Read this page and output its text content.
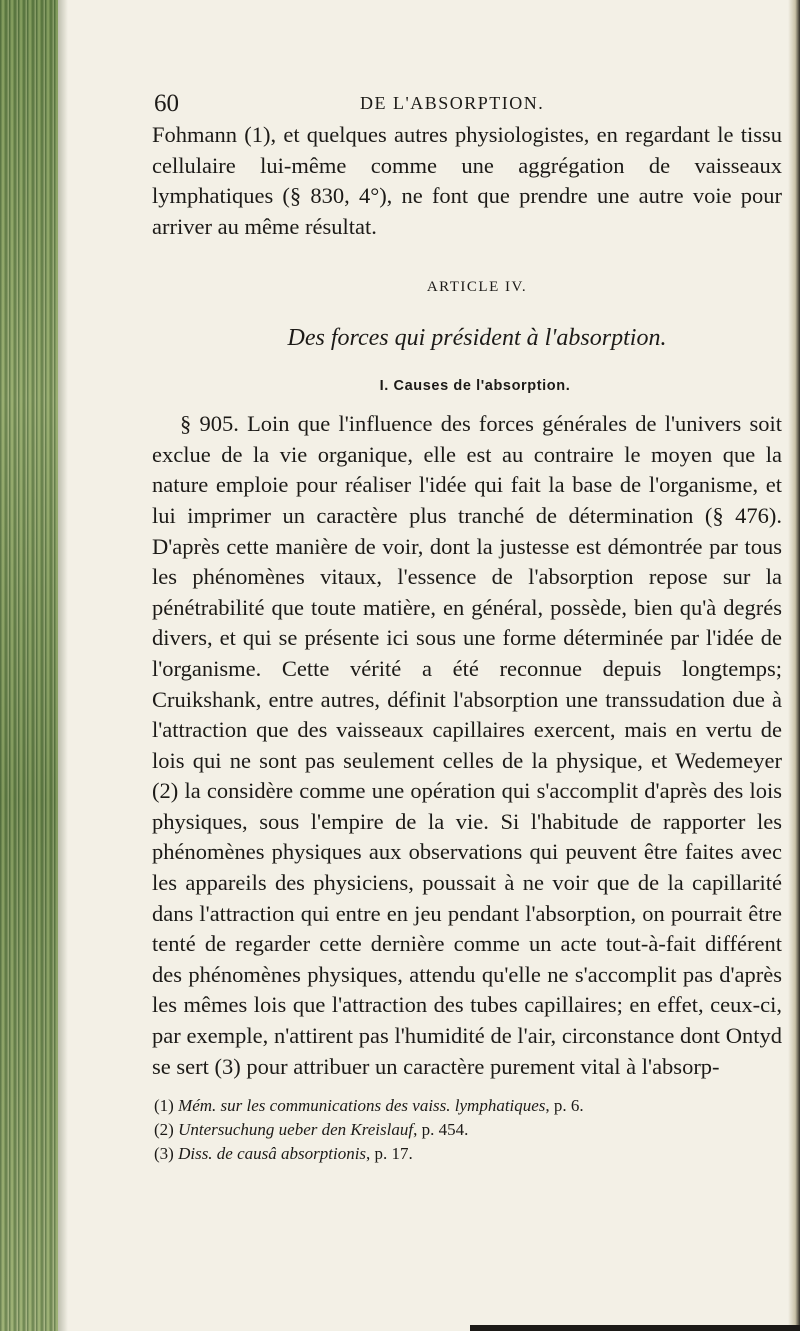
60	DE L'ABSORPTION.

Fohmann (1), et quelques autres physiologistes, en regardant le tissu cellulaire lui-même comme une aggrégation de vaisseaux lymphatiques (§ 830, 4°), ne font que prendre une autre voie pour arriver au même résultat.

ARTICLE IV.
Des forces qui président à l'absorption.
I. Causes de l'absorption.

§ 905. Loin que l'influence des forces générales de l'univers soit exclue de la vie organique, elle est au contraire le moyen que la nature emploie pour réaliser l'idée qui fait la base de l'organisme, et lui imprimer un caractère plus tranché de détermination (§ 476). D'après cette manière de voir, dont la justesse est démontrée par tous les phénomènes vitaux, l'essence de l'absorption repose sur la pénétrabilité que toute matière, en général, possède, bien qu'à degrés divers, et qui se présente ici sous une forme déterminée par l'idée de l'organisme. Cette vérité a été reconnue depuis longtemps; Cruikshank, entre autres, définit l'absorption une transsudation due à l'attraction que des vaisseaux capillaires exercent, mais en vertu de lois qui ne sont pas seulement celles de la physique, et Wedemeyer (2) la considère comme une opération qui s'accomplit d'après des lois physiques, sous l'empire de la vie. Si l'habitude de rapporter les phénomènes physiques aux observations qui peuvent être faites avec les appareils des physiciens, poussait à ne voir que de la capillarité dans l'attraction qui entre en jeu pendant l'absorption, on pourrait être tenté de regarder cette dernière comme un acte tout-à-fait différent des phénomènes physiques, attendu qu'elle ne s'accomplit pas d'après les mêmes lois que l'attraction des tubes capillaires; en effet, ceux-ci, par exemple, n'attirent pas l'humidité de l'air, circonstance dont Ontyd se sert (3) pour attribuer un caractère purement vital à l'absorp-

(1) Mém. sur les communications des vaiss. lymphatiques, p. 6.
(2) Untersuchung ueber den Kreislauf, p. 454.
(3) Diss. de causâ absorptionis, p. 17.
